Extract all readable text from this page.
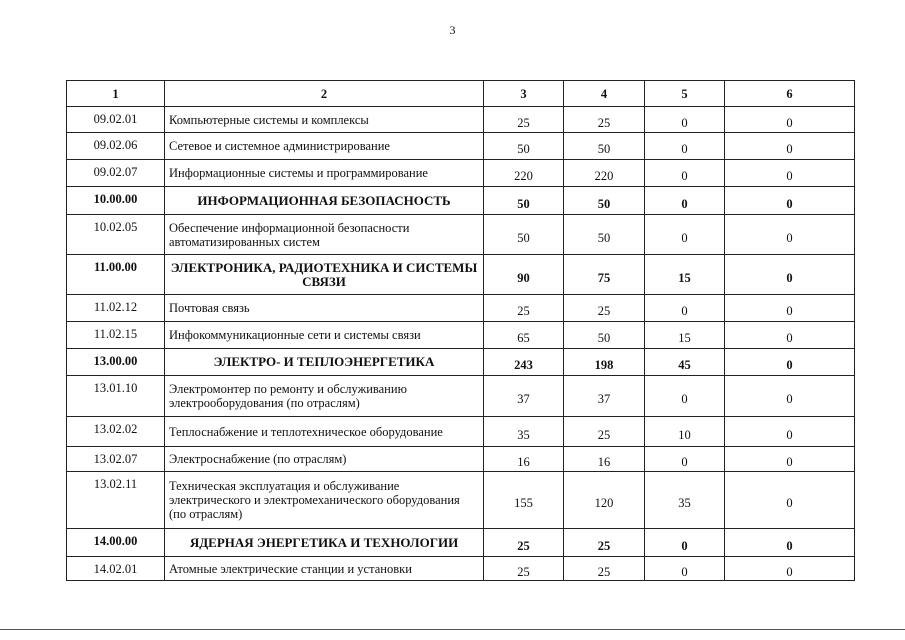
3
1	2	3	4	5	6
09.02.01	Компьютерные системы и комплексы	25	25	0	0
09.02.06	Сетевое и системное администрирование	50	50	0	0
09.02.07	Информационные системы и программирование	220	220	0	0
10.00.00	ИНФОРМАЦИОННАЯ БЕЗОПАСНОСТЬ	50	50	0	0
10.02.05	Обеспечение информационной безопасности автоматизированных систем	50	50	0	0
11.00.00	ЭЛЕКТРОНИКА, РАДИОТЕХНИКА И СИСТЕМЫ СВЯЗИ	90	75	15	0
11.02.12	Почтовая связь	25	25	0	0
11.02.15	Инфокоммуникационные сети и системы связи	65	50	15	0
13.00.00	ЭЛЕКТРО- И ТЕПЛОЭНЕРГЕТИКА	243	198	45	0
13.01.10	Электромонтер по ремонту и обслуживанию электрооборудования (по отраслям)	37	37	0	0
13.02.02	Теплоснабжение и теплотехническое оборудование	35	25	10	0
13.02.07	Электроснабжение (по отраслям)	16	16	0	0
13.02.11	Техническая эксплуатация и обслуживание электрического и электромеханического оборудования (по отраслям)	155	120	35	0
14.00.00	ЯДЕРНАЯ ЭНЕРГЕТИКА И ТЕХНОЛОГИИ	25	25	0	0
14.02.01	Атомные электрические станции и установки	25	25	0	0
